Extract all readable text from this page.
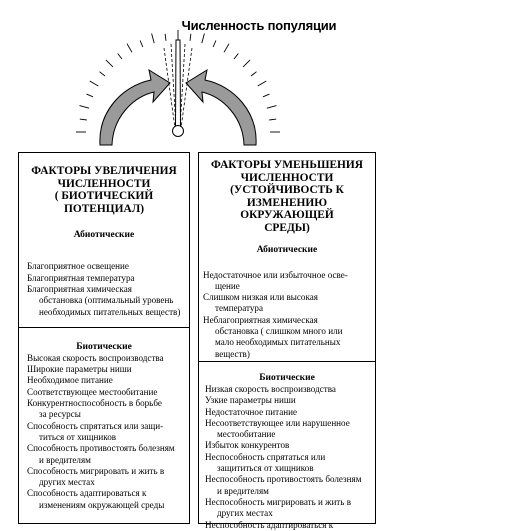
Численность популяции
ФАКТОРЫ УВЕЛИЧЕНИЯ
ЧИСЛЕННОСТИ
( БИОТИЧЕСКИЙ
ПОТЕНЦИАЛ)
Абиотические
Благоприятное освещение
Благоприятная температура
Благоприятная химическая
обстановка (оптимальный уровень
необходимых питательных веществ)
Биотические
Высокая скорость воспроизводства
Широкие параметры ниши
Необходимое питание
Соответствующее местообитание
Конкурентноспособность в борьбе
за ресурсы
Способность спрятаться или защи-
титься от хищников
Способность противостоять болезням
и вредителям
Способность мигрировать и жить в
других местах
Способность адаптироваться к
изменениям окружающей среды
ФАКТОРЫ УМЕНЬШЕНИЯ
ЧИСЛЕННОСТИ
(УСТОЙЧИВОСТЬ К
ИЗМЕНЕНИЮ ОКРУЖАЮЩЕЙ
СРЕДЫ)
Абиотические
Недостаточное или избыточное осве-
щение
Слишком низкая или высокая
температура
Неблагоприятная химическая
обстановка ( слишком много или
мало необходимых питательных
веществ)
Биотические
Низкая скорость воспроизводства
Узкие параметры ниши
Недостаточное питание
Несоответствующее или нарушенное
местообитание
Избыток конкурентов
Неспособность спрятаться или
защититься от хищников
Неспособность противостоять болезням
и вредителям
Неспособность мигрировать и жить в
других местах
Неспособность адаптироваться к
